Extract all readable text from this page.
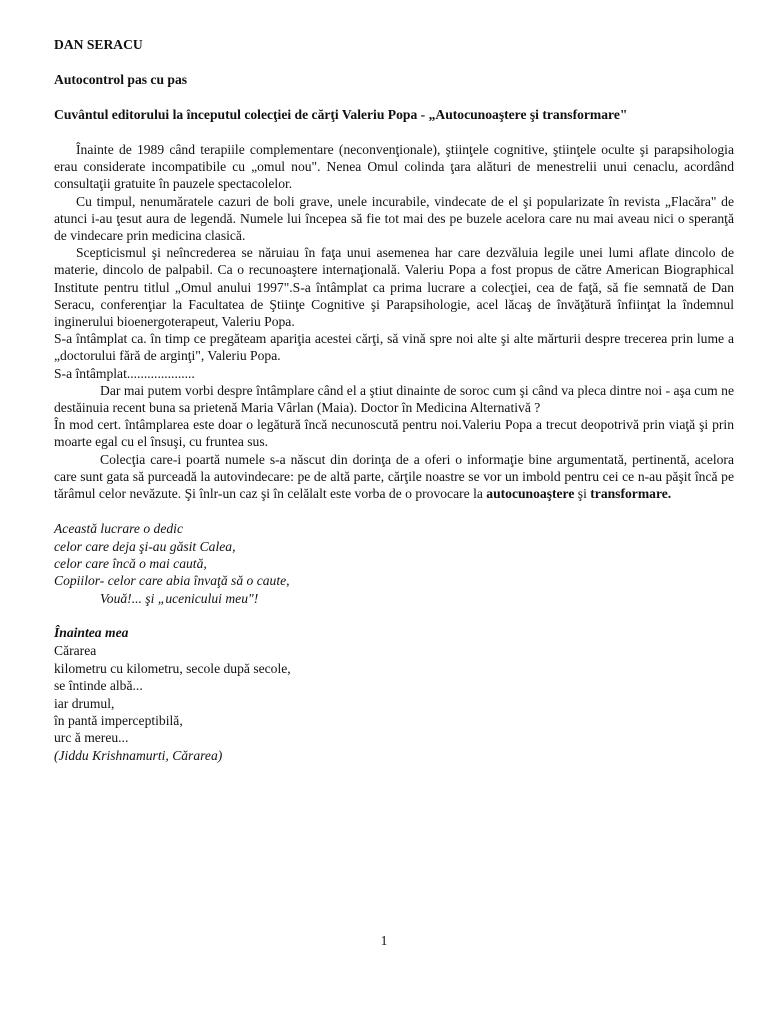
DAN SERACU

Autocontrol pas cu pas

Cuvântul editorului la începutul colecţiei de cărţi Valeriu Popa - „Autocunoaştere şi transformare"

Înainte de 1989 când terapiile complementare (neconvenţionale), ştiinţele cognitive, ştiinţele oculte şi parapsihologia erau considerate incompatibile cu „omul nou". Nenea Omul colinda ţara alături de menestrelii unui cenaclu, acordând consultaţii gratuite în pauzele spectacolelor.

Cu timpul, nenumăratele cazuri de boli grave, unele incurabile, vindecate de el şi popularizate în revista „Flacăra" de atunci i-au ţesut aura de legendă. Numele lui începea să fie tot mai des pe buzele acelora care nu mai aveau nici o speranţă de vindecare prin medicina clasică.

Scepticismul şi neîncrederea se năruiau în faţa unui asemenea har care dezvăluia legile unei lumi aflate dincolo de materie, dincolo de palpabil. Ca o recunoaştere internaţională. Valeriu Popa a fost propus de către American Biographical Institute pentru titlul „Omul anului 1997".S-a întâmplat ca prima lucrare a colecţiei, cea de faţă, să fie semnată de Dan Seracu, conferenţiar la Facultatea de Ştiinţe Cognitive şi Parapsihologie, acel lăcaş de învăţătură înfiinţat la îndemnul inginerului bioenergoterapeut, Valeriu Popa.

S-a întâmplat ca. în timp ce pregăteam apariţia acestei cărţi, să vină spre noi alte şi alte mărturii despre trecerea prin lume a „doctorului fără de arginţi", Valeriu Popa.

S-a întâmplat....................

Dar mai putem vorbi despre întâmplare când el a ştiut dinainte de soroc cum şi când va pleca dintre noi - aşa cum ne destăinuia recent buna sa prietenă Maria Vârlan (Maia). Doctor în Medicina Alternativă ?

În mod cert. întâmplarea este doar o legătură încă necunoscută pentru noi.Valeriu Popa a trecut deopotrivă prin viaţă şi prin moarte egal cu el însuşi, cu fruntea sus.

Colecţia care-i poartă numele s-a născut din dorinţa de a oferi o informaţie bine argumentată, pertinentă, acelora care sunt gata să purceadă la autovindecare: pe de altă parte, cărţile noastre se vor un imbold pentru cei ce n-au păşit încă pe tărâmul celor nevăzute. Şi înlr-un caz şi în celălalt este vorba de o provocare la autocunoaştere şi transformare.

Această lucrare o dedic
celor care deja şi-au găsit Calea,
celor care încă o mai caută,
Copiilor- celor care abia învaţă să o caute,
Vouă!... şi „ucenicului meu"!
Înaintea mea
Cărarea
kilometru cu kilometru, secole după secole,
se întinde albă...
iar drumul,
în pantă imperceptibilă,
urc ă mereu...
(Jiddu Krishnamurti, Cărarea)
1
